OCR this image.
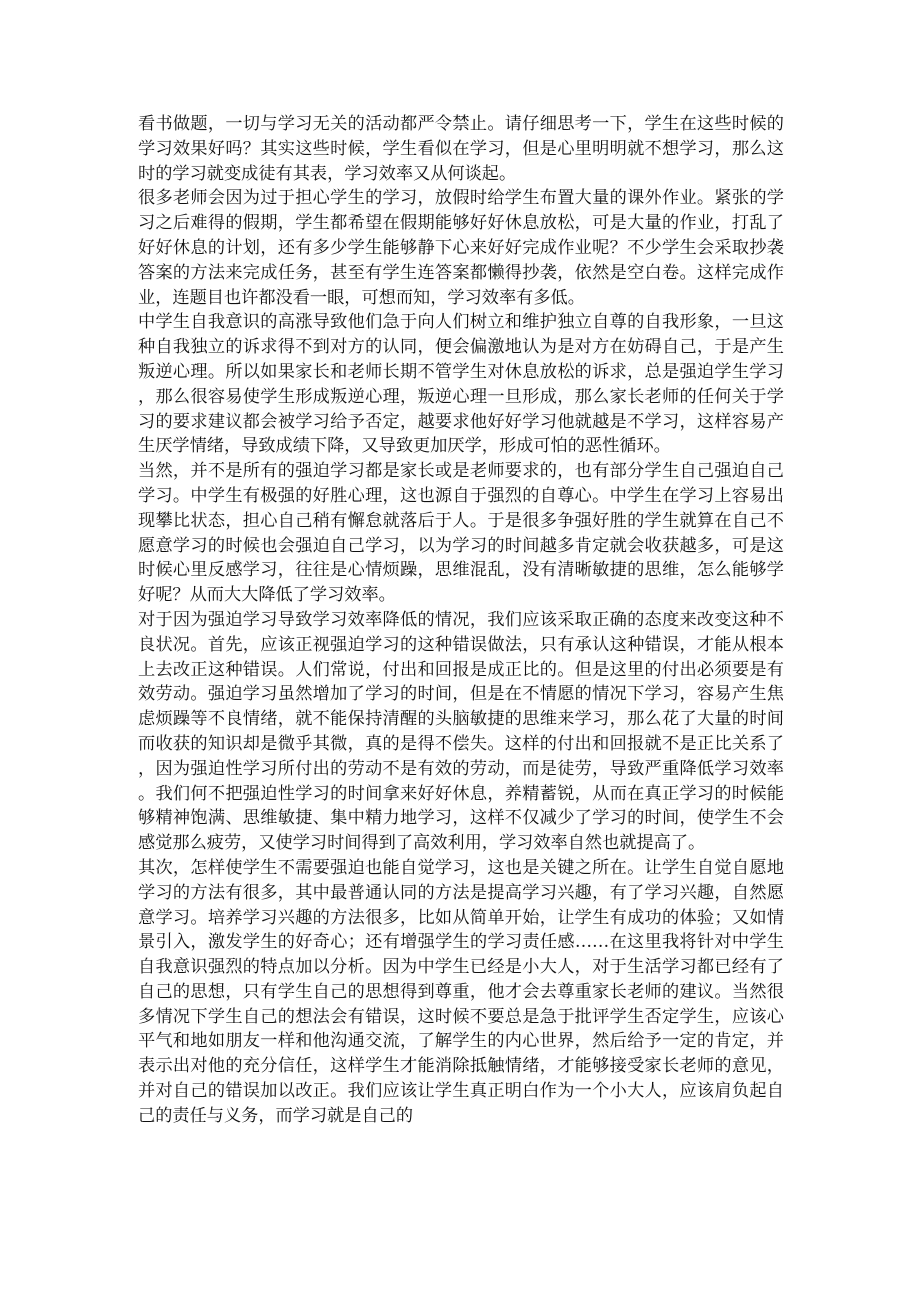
看书做题，一切与学习无关的活动都严令禁止。请仔细思考一下，学生在这些时候的学习效果好吗？其实这些时候，学生看似在学习，但是心里明明就不想学习，那么这时的学习就变成徒有其表，学习效率又从何谈起。

很多老师会因为过于担心学生的学习，放假时给学生布置大量的课外作业。紧张的学习之后难得的假期，学生都希望在假期能够好好休息放松，可是大量的作业，打乱了好好休息的计划，还有多少学生能够静下心来好好完成作业呢？不少学生会采取抄袭答案的方法来完成任务，甚至有学生连答案都懒得抄袭，依然是空白卷。这样完成作业，连题目也许都没看一眼，可想而知，学习效率有多低。

中学生自我意识的高涨导致他们急于向人们树立和维护独立自尊的自我形象，一旦这种自我独立的诉求得不到对方的认同，便会偏激地认为是对方在妨碍自己，于是产生叛逆心理。所以如果家长和老师长期不管学生对休息放松的诉求，总是强迫学生学习，那么很容易使学生形成叛逆心理，叛逆心理一旦形成，那么家长老师的任何关于学习的要求建议都会被学习给予否定，越要求他好好学习他就越是不学习，这样容易产生厌学情绪，导致成绩下降，又导致更加厌学，形成可怕的恶性循环。

当然，并不是所有的强迫学习都是家长或是老师要求的，也有部分学生自己强迫自己学习。中学生有极强的好胜心理，这也源自于强烈的自尊心。中学生在学习上容易出现攀比状态，担心自己稍有懈怠就落后于人。于是很多争强好胜的学生就算在自己不愿意学习的时候也会强迫自己学习，以为学习的时间越多肯定就会收获越多，可是这时候心里反感学习，往往是心情烦躁，思维混乱，没有清晰敏捷的思维，怎么能够学好呢？从而大大降低了学习效率。

对于因为强迫学习导致学习效率降低的情况，我们应该采取正确的态度来改变这种不良状况。首先，应该正视强迫学习的这种错误做法，只有承认这种错误，才能从根本上去改正这种错误。人们常说，付出和回报是成正比的。但是这里的付出必须要是有效劳动。强迫学习虽然增加了学习的时间，但是在不情愿的情况下学习，容易产生焦虑烦躁等不良情绪，就不能保持清醒的头脑敏捷的思维来学习，那么花了大量的时间而收获的知识却是微乎其微，真的是得不偿失。这样的付出和回报就不是正比关系了，因为强迫性学习所付出的劳动不是有效的劳动，而是徒劳，导致严重降低学习效率。我们何不把强迫性学习的时间拿来好好休息，养精蓄锐，从而在真正学习的时候能够精神饱满、思维敏捷、集中精力地学习，这样不仅减少了学习的时间，使学生不会感觉那么疲劳，又使学习时间得到了高效利用，学习效率自然也就提高了。

其次，怎样使学生不需要强迫也能自觉学习，这也是关键之所在。让学生自觉自愿地学习的方法有很多，其中最普通认同的方法是提高学习兴趣，有了学习兴趣，自然愿意学习。培养学习兴趣的方法很多，比如从简单开始，让学生有成功的体验；又如情景引入，激发学生的好奇心；还有增强学生的学习责任感……在这里我将针对中学生自我意识强烈的特点加以分析。因为中学生已经是小大人，对于生活学习都已经有了自己的思想，只有学生自己的思想得到尊重，他才会去尊重家长老师的建议。当然很多情况下学生自己的想法会有错误，这时候不要总是急于批评学生否定学生，应该心平气和地如朋友一样和他沟通交流，了解学生的内心世界，然后给予一定的肯定，并表示出对他的充分信任，这样学生才能消除抵触情绪，才能够接受家长老师的意见，并对自己的错误加以改正。我们应该让学生真正明白作为一个小大人，应该肩负起自己的责任与义务，而学习就是自己的
